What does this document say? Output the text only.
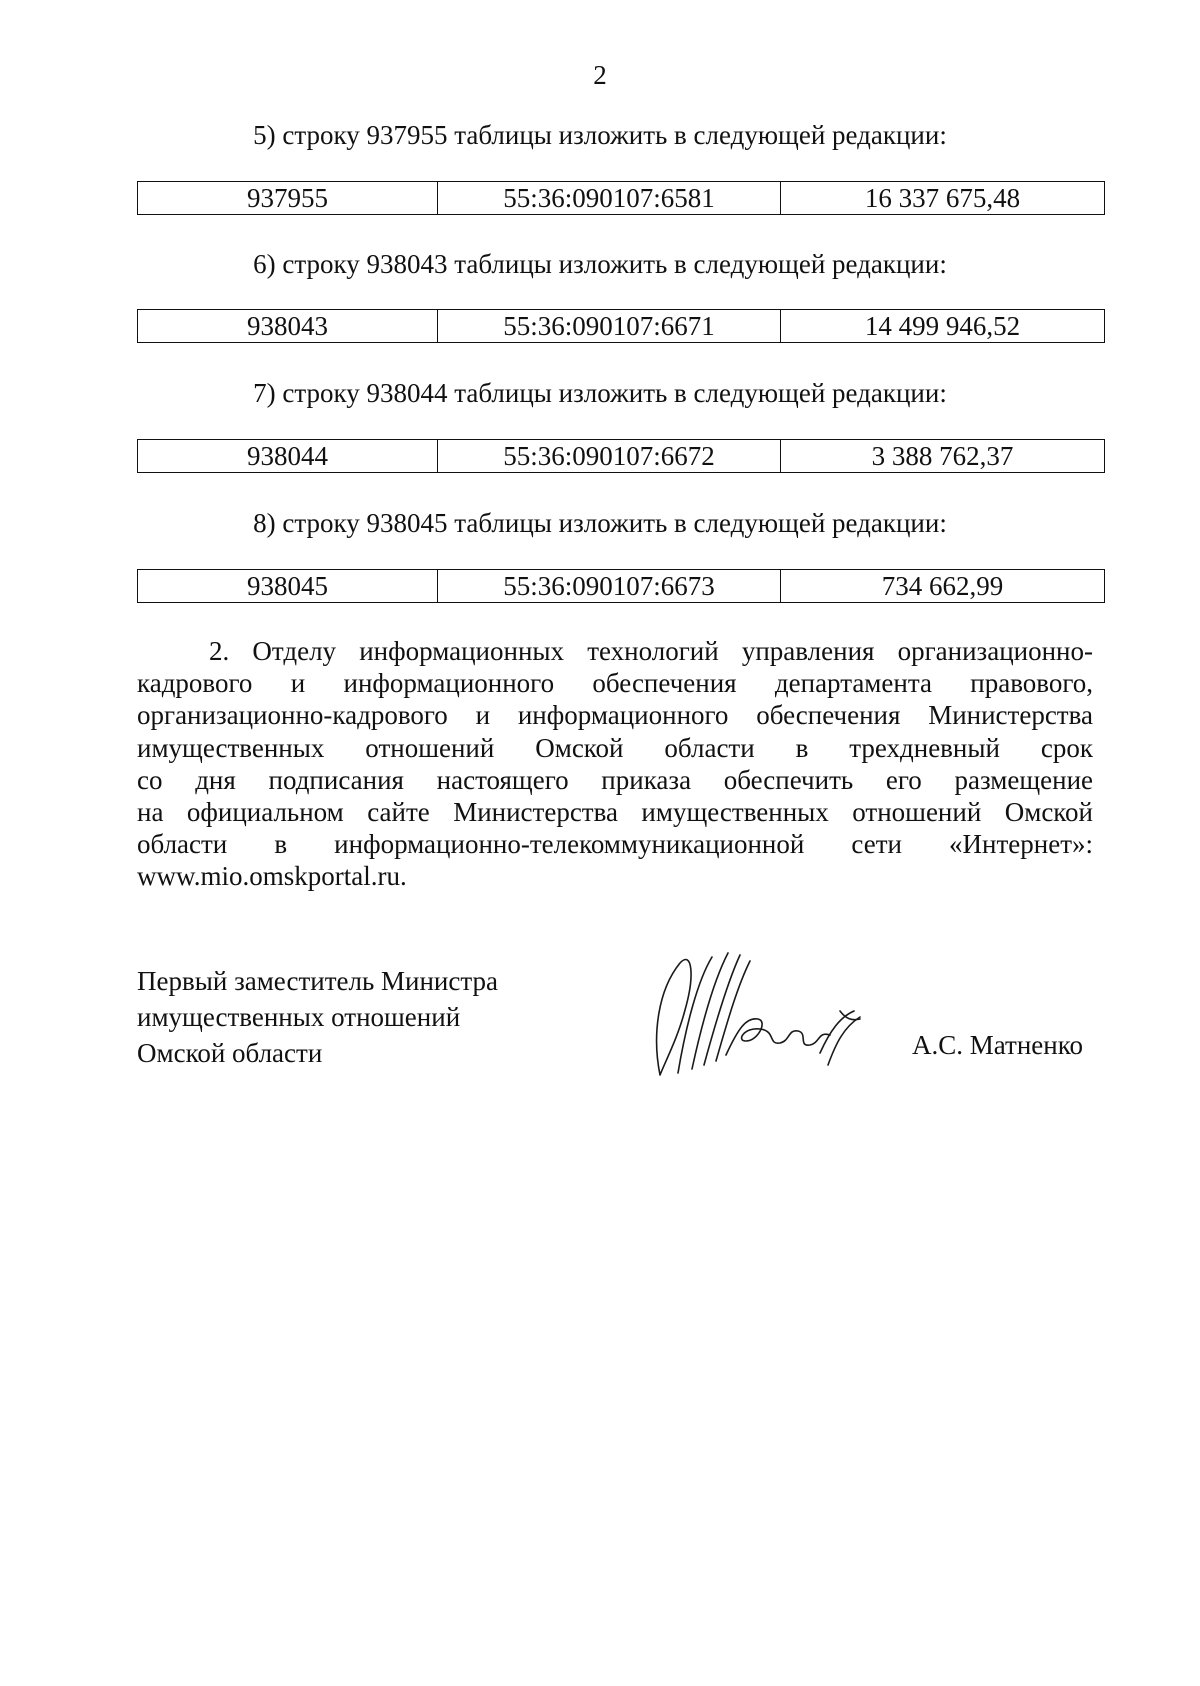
2
5) строку 937955 таблицы изложить в следующей редакции:
937955	55:36:090107:6581	16 337 675,48
6) строку 938043 таблицы изложить в следующей редакции:
938043	55:36:090107:6671	14 499 946,52
7) строку 938044 таблицы изложить в следующей редакции:
938044	55:36:090107:6672	3 388 762,37
8) строку 938045 таблицы изложить в следующей редакции:
938045	55:36:090107:6673	734 662,99
2. Отделу информационных технологий управления организационно-
кадрового и информационного обеспечения департамента правового,
организационно-кадрового и информационного обеспечения Министерства
имущественных отношений Омской области в трехдневный срок
со дня подписания настоящего приказа обеспечить его размещение
на официальном сайте Министерства имущественных отношений Омской
области в информационно-телекоммуникационной сети «Интернет»:
www.mio.omskportal.ru.
Первый заместитель Министра
имущественных отношений
Омской области	А.С. Матненко
